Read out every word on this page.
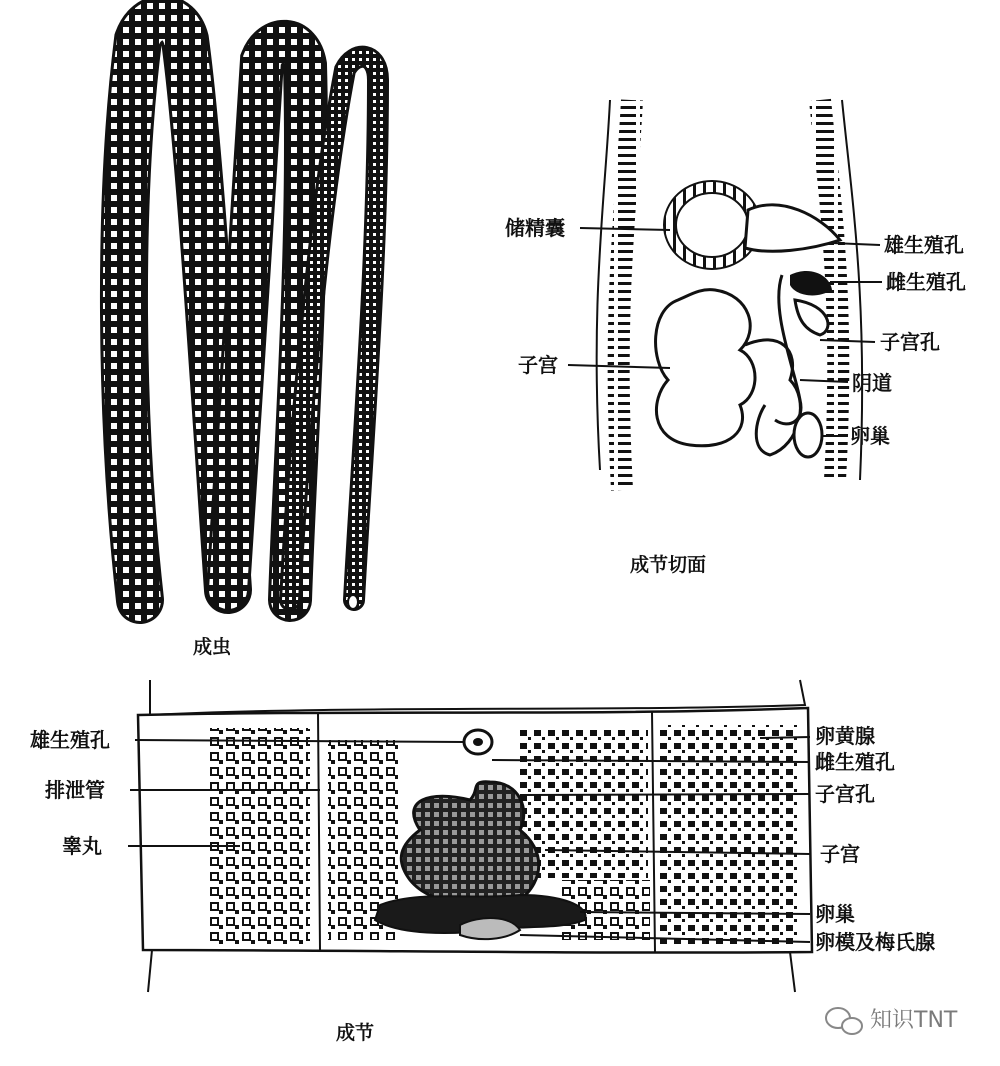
成虫
成节切面
成节
储精囊
雄生殖孔
雌生殖孔
子宫孔
子宫
阴道
卵巢
雄生殖孔
排泄管
睾丸
卵黄腺
雌生殖孔
子宫孔
子宫
卵巢
卵模及梅氏腺
知识TNT
